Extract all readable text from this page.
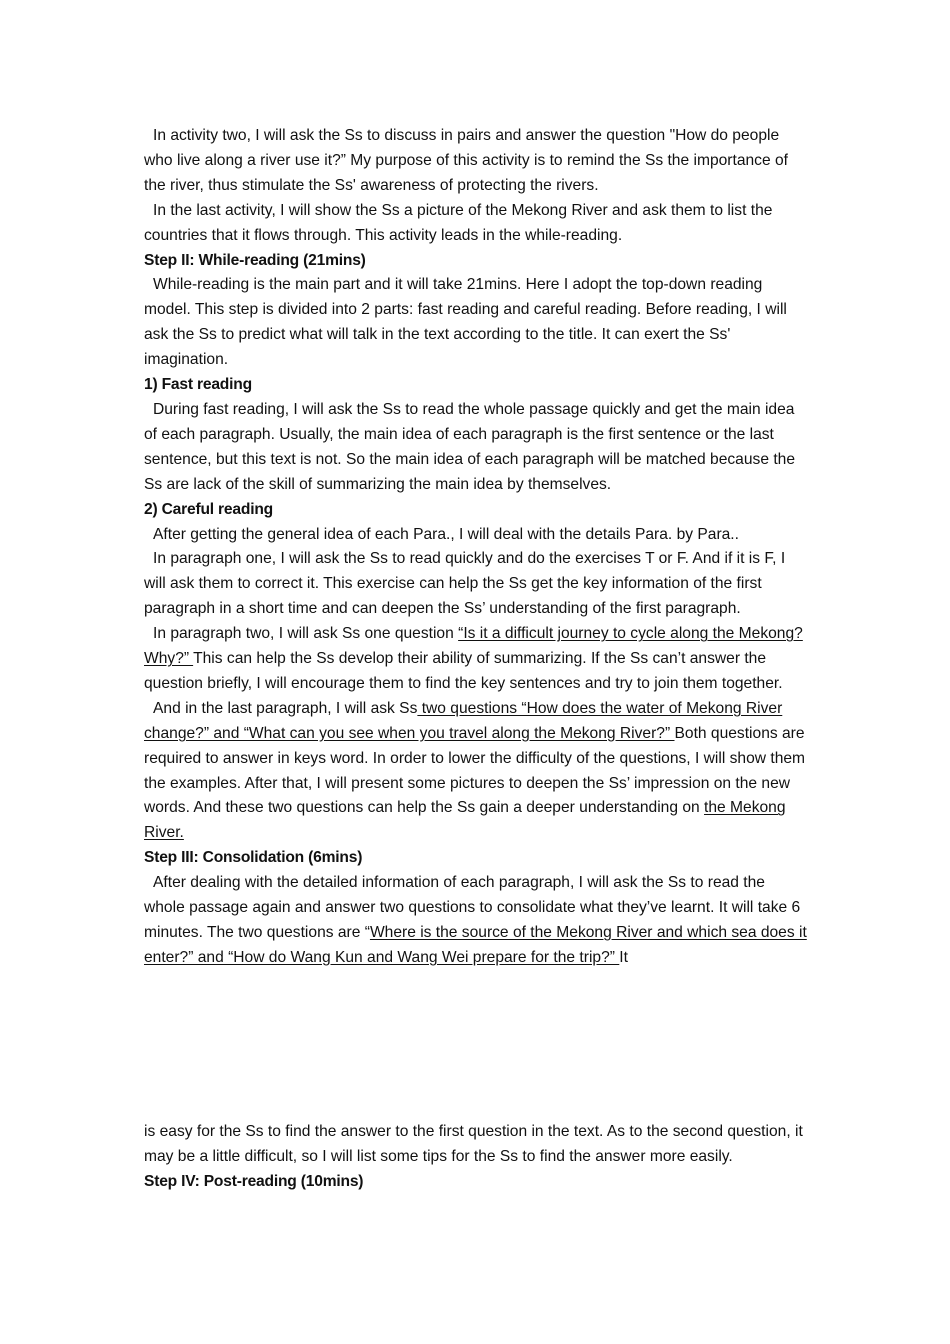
In activity two, I will ask the Ss to discuss in pairs and answer the question "How do people who live along a river use it?” My purpose of this activity is to remind the Ss the importance of the river, thus stimulate the Ss' awareness of protecting the rivers.

In the last activity, I will show the Ss a picture of the Mekong River and ask them to list the countries that it flows through. This activity leads in the while-reading.

Step II: While-reading (21mins)

While-reading is the main part and it will take 21mins. Here I adopt the top-down reading model. This step is divided into 2 parts: fast reading and careful reading. Before reading, I will ask the Ss to predict what will talk in the text according to the title. It can exert the Ss' imagination.

1) Fast reading

During fast reading, I will ask the Ss to read the whole passage quickly and get the main idea of each paragraph. Usually, the main idea of each paragraph is the first sentence or the last sentence, but this text is not. So the main idea of each paragraph will be matched because the Ss are lack of the skill of summarizing the main idea by themselves.

2) Careful reading

After getting the general idea of each Para., I will deal with the details Para. by Para..

In paragraph one, I will ask the Ss to read quickly and do the exercises T or F. And if it is F, I will ask them to correct it. This exercise can help the Ss get the key information of the first paragraph in a short time and can deepen the Ss’ understanding of the first paragraph.

In paragraph two, I will ask Ss one question “Is it a difficult journey to cycle along the Mekong? Why?” This can help the Ss develop their ability of summarizing. If the Ss can’t answer the question briefly, I will encourage them to find the key sentences and try to join them together.

And in the last paragraph, I will ask Ss two questions “How does the water of Mekong River change?” and “What can you see when you travel along the Mekong River?” Both questions are required to answer in keys word. In order to lower the difficulty of the questions, I will show them the examples. After that, I will present some pictures to deepen the Ss’ impression on the new words. And these two questions can help the Ss gain a deeper understanding on the Mekong River.

Step III: Consolidation (6mins)

After dealing with the detailed information of each paragraph, I will ask the Ss to read the whole passage again and answer two questions to consolidate what they’ve learnt. It will take 6 minutes. The two questions are “Where is the source of the Mekong River and which sea does it enter?” and “How do Wang Kun and Wang Wei prepare for the trip?” It

is easy for the Ss to find the answer to the first question in the text. As to the second question, it may be a little difficult, so I will list some tips for the Ss to find the answer more easily.

Step IV: Post-reading (10mins)
